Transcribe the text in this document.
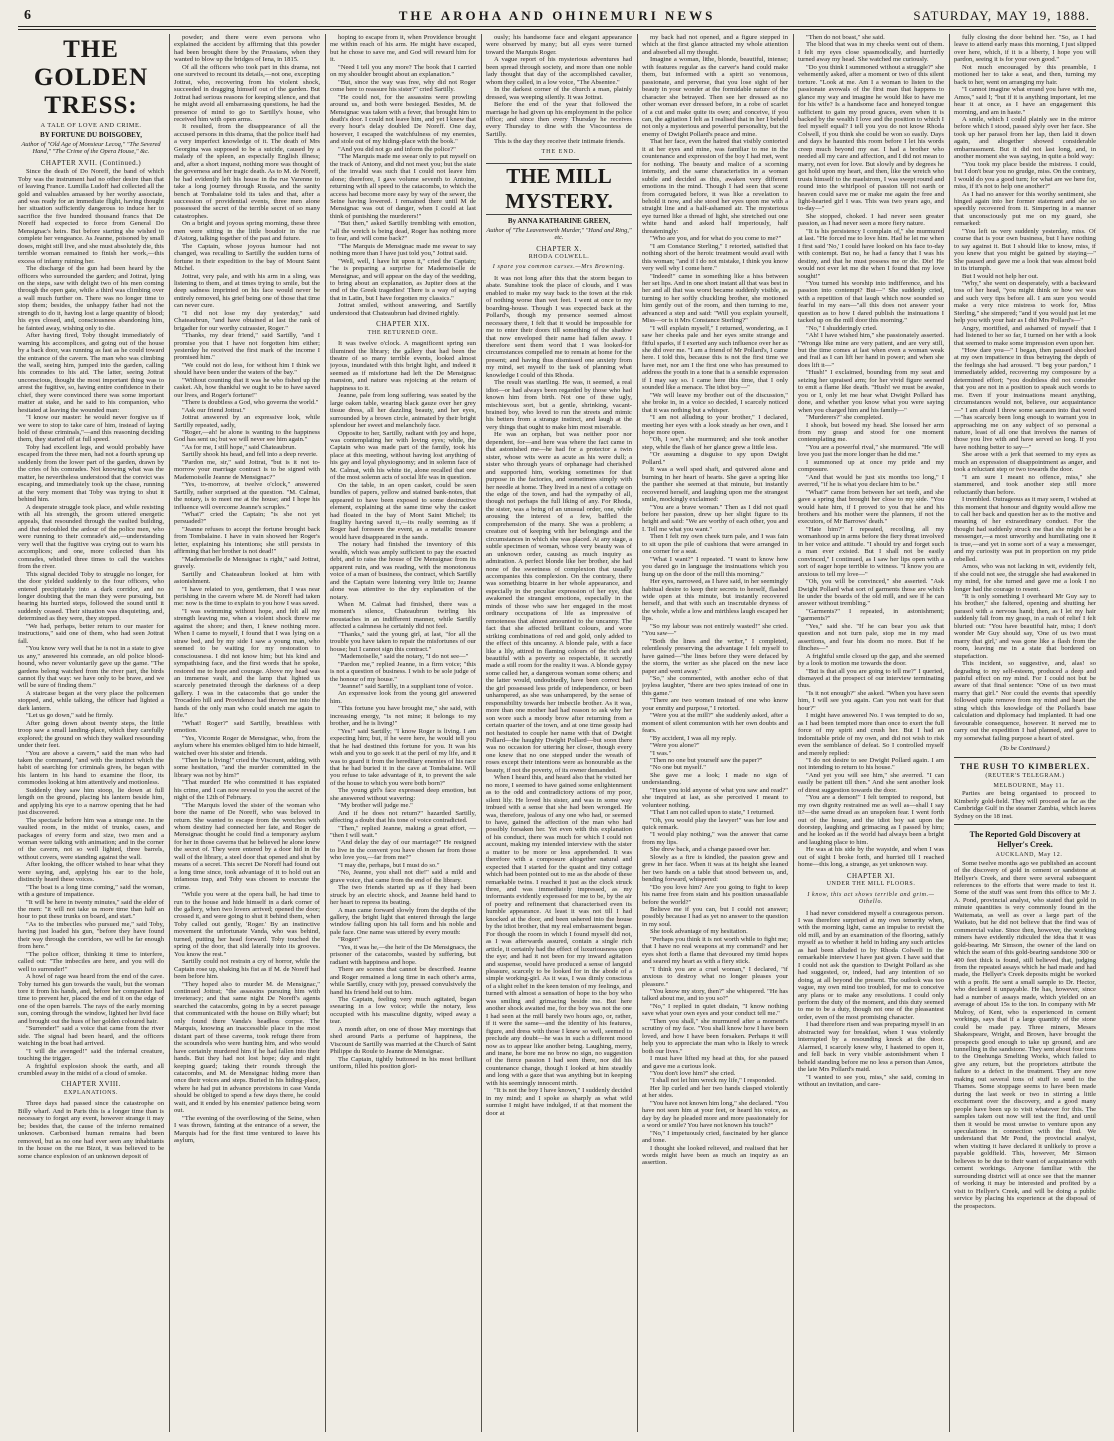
6	THE AROHA AND OHINEMURI NEWS	SATURDAY, MAY 19, 1888.
THE GOLDEN TRESS:
A TALE OF LOVE AND CRIME.
BY FORTUNE DU BOISGOBEY,
Author of "Old Age of Monsieur Lecoq," "The Severed Hand," "The Crime of the Opera House," &c.
CHAPTER XVII. (Continued.)

Since the death of Do Noreff, the band of which Toby was the instrument had no other desire than that of leaving France. Lumilla Ludoff had collected all the gold and valuables amassed by her worthy associate, and was ready for an immediate flight, having thought her situation sufficiently dangerous to induce her to sacrifice the five hundred thousand francs that De Noreff had expected to force from General Do Mensignac's heirs. But before starting she wished to complete her vengeance. As Jeanne, poisoned by small doses, might still live, and she must absolutely die, this terrible woman remained to finish her work,—this excess of infamy ruining her.

The discharge of the gun had been heard by the officers who surrounded the garden; and Jottrat, lying on the steps, saw with delight two of his men coming through the open gate, while a third was climbing over a wall much further on. There was no longer time to stop them; besides, the unhappy father had not the strength to do it, having lost a large quantity of blood; his eyes closed, and, consciousness abandoning him, he fainted away, wishing only to die.

After having fired, Toby thought immediately of warning his accomplices, and going out of the house by a back door, was running as fast as he could toward the entrance of the cavern. The man who was climbing the wall, seeing him, jumped into the garden, calling his comrades to his aid. The latter, seeing Jottrat unconscious, thought the most important thing was to arrest the fugitive, so, having entire confidence in their chief, they were convinced there was some important matter at stake, and he said to his companion, who hesitated at leaving the wounded man:

"I know our master: he would never forgive us if we were to stop to take care of him, instead of laying hold of these criminals,"—and this reasoning deciding them, they started off at full speed.

Toby had excellent legs, and would probably have escaped from the three men, had not a fourth sprung up suddenly from the lower part of the garden, drawn by the cries of his comrades. Not knowing what was the matter, he nevertheless understood that the convict was escaping, and immediately took up the chase, running at the very moment that Toby was trying to shut it behind him.

A desperate struggle took place, and while resisting with all his strength, the groom uttered energetic appeals, that resounded through the vaulted building, and that redoubled the ardour of the police men, who were running to their comrade's aid,—understanding very well that the fugitive was crying out to warn his accomplices; and one, more collected than his comrades, whistled three times to call the watches from the river.

This signal decided Toby to struggle no longer, for the door yielded suddenly to the four officers, who entered precipitately into a dark corridor, and no longer doubting that the man they were pursuing, but hearing his hurried steps, followed the sound until it suddenly ceased. Their situation was disquieting, and, determined as they were, they stopped.

"We had, perhaps, better return to our master for instructions," said one of them, who had seen Jottrat fall.

"You know very well that he is not in a state to give us any," answered his comrade, an old police blood-hound, who never voluntarily gave up the game. "The gardens belong watched from the river part, the birds cannot fly that way: we have only to be brave, and we will be sure of finding them."

A staircase began at the very place the policemen stopped, and, while talking, the officer had lighted a dark lantern.

"Let us go down," said he firmly.

After going down about twenty steps, the little troop saw a small landing-place, which they carefully explored; the ground on which they walked resounding under their feet.

"You are above a cavern," said the man who had taken the command, "and with the instinct which the habit of searching for criminals gives, he began with his lantern in his hand to examine the floor, its commodes looking at him attentively and motionless.

Suddenly they saw him stoop, lie down at full length on the ground, placing his lantern beside him, and applying his eye to a narrow opening that he had just discovered.

The spectacle before him was a strange one. In the vaulted room, in the midst of trunks, cases, and packages of every form and size, two men and a woman were talking with animation; and in the corner of the cavern, not so well lighted, three barrels, without covers, were standing against the wall.

After looking, the officer wished to hear what they were saying, and, applying his ear to the hole, distinctly heard these voices.

"The boat is a long time coming," said the woman, with a gesture of impatience.

"It will be here in twenty minutes," said the elder of the men: "it will not take us more time than half an hour to put these trunks on board, and start."

"As to the imbeciles who pursued me," said Toby, having just loaded his gun, "before they have found their way through the corridors, we will be far enough from here."

"The police officer, thinking it time to interfere, called out: "The imbeciles are here, and you will do well to surrender!"

A howl of rage was heard from the end of the cave. Toby turned his gun towards the vault, but the woman tore it from his hands, and, before her companion had time to prevent her, placed the end of it on the edge of one of the open barrels. The rays of the early morning sun, coming through the window, lighted her livid face and brought out the hues of her golden coloured hair.

"Surrender!" said a voice that came from the river side. The signal had been heard, and the officers watching in the boat had arrived.

"I will die avenged!" said the infernal creature, touching the trigger.

A frightful explosion shook the earth, and all crumbled away in the midst of a cloud of smoke.

CHAPTER XVIII.
EXPLANATIONS.

Three days had passed since the catastrophe on Billy wharf. And in Paris this is a longer time than is necessary to forget any event, however strange it may be; besides that, the cause of the inferno remained unknown. Carbonised human remains had been removed, but as no one had ever seen any inhabitants in the house on the rue Bizot, it was believed to be some chance explosion of an unknown deposit of

powder; and there were even persons who explained the accident by affirming that this powder had been brought there by the Prussians, when they wanted to blow up the bridges of Iena, in 1815.

Of all the officers who took part in this drama, not one survived to recount its details,—not one, excepting Jottrat, who, recovering from his violent shock, succeeded in dragging himself out of the garden. But Jottrat had serious reasons for keeping silence, and that he might avoid all embarrassing questions, he had the presence of mind to go to Sartilly's house, who received him with open arms.

It resulted, from the disappearance of all the accused persons in this drama, that the police itself had a very imperfect knowledge of it. The death of Mrs Georgina was supposed to be a suicide, caused by a malady of the spleen, an especially English illness; and, after a short inquest, nothing more was thought of the governess and her tragic death. As to M. de Noreff, he had evidently left his house in the rue Varenne to take a long journey through Russia, and the sanity bench at Tombalaine told its tales and that, after a succession of providential events, three men alone possessed the secret of the terrible secret of so many catastrophes.

On a bright and joyous spring morning, these three men were sitting in the little boudoir in the rue d'Astorg, talking together of the past and future.

The Captain, whose joyous humour had not changed, was recalling to Sartilly the sudden turns of fortune in their expedition to the bay of Mount Saint Michel.

Jottrat, very pale, and with his arm in a sling, was listening to them, and at times trying to smile, but the deep sadness imprinted on his face would never be entirely removed, his grief being one of those that time can never cure.

"I did not lose my day yesterday," said Chateaubrun, "and have obtained at last the rank of brigadier for our worthy cuirassier, Roger."

"Thanks, my dear friend," said Sartilly, "and I promise you that I have not forgotten him either; yesterday he received the first mark of the income I promised him."

"We could not do less, for without him I think we should have been under the waters of the bay."

"Without counting that it was he who fished up the casket. Ah, how thankful we ought to be to have saved our lives, and Roger's fortune!"

"There is doubtless a God, who governs the world."

"Ask our friend Jottrat."

Jottrat answered by an expressive look, while Sartilly repeated, sadly,

"Roger,—ah! he alone is wanting to the happiness God has sent us; but we will never see him again."

"As for me, I still hope," said Chateaubrun.

Sartilly shook his head, and fell into a deep reverie.

"Pardon me, sir," said Jottrat, "but is it not to-morrow your marriage contract is to be signed with Mademoiselle Jeanne de Mensignac?"

"Yes, to-morrow, at twelve o'clock," answered Sartilly, rather surprised at the question. "M. Calmat, the notary, is to meet me at the house; and I hope his influence will overcome Jeanne's scruples."

"What?" cried the Captain; "is she not yet persuaded?"

"Jeanne refuses to accept the fortune brought back from Tombalaine. I have in vain showed her Roger's letter, explaining his intentions; she still persists in affirming that her brother is not dead!"

"Mademoiselle de Mensignac is right," said Jottrat, gravely.

Sartilly and Chateaubrun looked at him with astonishment.

"I have related to you, gentlemen, that I was near perishing in the cavern where M. de Noreff had taken me: now is the time to explain to you how I was saved.

"I was swimming without hope, and felt all my strength leaving me, when a violent shock threw me against the shore; and then, I knew nothing more. When I came to myself, I found that I was lying on a straw bed, and by my side I saw a young man, who seemed to be waiting for my restoration to consciousness. I did not know him; but his kind and sympathising face, and the first words that he spoke, restored me to hope and courage. Above my head was an immense vault, and the lamp that lighted us scarcely penetrated through the darkness of a deep gallery. I was in the catacombs that go under the Trocadéro hill and Providence had thrown me into the hands of the only man who could snatch me again to life."

"What! Roger?" said Sartilly, breathless with emotion.

"Yes, Vicomte Roger de Mensignac, who, from the asylum where his enemies obliged him to hide himself, watched over his sister and friends.

"Then he is living!" cried the Viscount, adding, with some hesitation, "and the murder committed in the library was not by him?"

"That murder! He who committed it has expiated his crime, and I can now reveal to you the secret of the night of the 12th of February.

"The Marquis loved the sister of the woman who bore the name of De Noreff, who was beloved in return. She wanted to escape from the wretches with whom destiny had connected her fate, and Roger de Mensignac thought he could find a temporary asylum for her in those caverns that he believed he alone knew the secret of. They were entered by a door hid in the wall of the library, a steel door that opened and shut by means of a secret. This secret De Noreff had found out a long time since, took advantage of it to hold out an infamous trap, and Toby was chosen to execute the crime.

"While you were at the opera ball, he had time to run to the house and hide himself in a dark corner of the gallery, when two lovers arrived; opened the door; crossed it, and were going to shut it behind them, when Toby called out gently, 'Roger.' By an instinctive movement the unfortunate Vanda, who was behind, turned, putting her head forward. Toby touched the spring of the door, that slid laterally into its grooves. You know the rest."

Sartilly could not restrain a cry of horror, while the Captain rose up, shaking his fist as if M. de Noreff had been before him.

"They hoped also to murder M. de Mensignac," continued Jottrat; "the assassins pursuing him with inveteracy; and that same night De Noreff's agents searched the catacombs, going in by a secret passage that communicated with the house on Billy wharf; but only found there Vanda's headless corpse. The Marquis, knowing an inaccessible place in the most distant part of these caverns, took refuge there from the scoundrels who were hunting him, and who would have certainly murdered him if he had fallen into their hands. But they had not lost hope; day and night keeping guard; taking their rounds through the catacombs, and M. de Mensignac hiding more than once their voices and steps. Buried in his hiding-place, where he had put in advance provisions in case Vanda should be obliged to spend a few days there, he could wait, and it ended by his enemies' patience being worn out.

"The evening of the overflowing of the Seine, when I was thrown, fainting at the entrance of a sewer, the Marquis had for the first time ventured to leave his asylum,

hoping to escape from it, when Providence brought me within reach of his arm. He might have escaped, but he chose to save me, and God will reward him for it.

"Need I tell you any more? The book that I carried on my shoulder brought about an explanation."

"But, since the way was free, why did not Roger come here to reassure his sister?" cried Sartilly.

"He could not, for the assassins were prowling around us, and both were besieged. Besides, M. de Mensignac was taken with a fever, that brought him to death's door. I could not leave him, and yet I knew that every hour's delay doubled De Noreff. One day, however, I escaped the watchfulness of my enemies, and stole out of my hiding-place with the book."

"And you did not go and inform the police?"

"The Marquis made me swear only to put myself on the track of Antony, and did not meet you; but the state of the invalid was such that I could not leave him alone; therefore, I gave volume seventh to Antoine, returning with all speed to the catacombs, to which the access had become more easy by way of the sewer, the Seine having lowered. I remained there until M de Mensignac was out of danger, when I could at last think of punishing the murderers!"

"But then," asked Sartilly trembling with emotion, "all the wretch is being dead, Roger has nothing more to fear, and will come back?"

"The Marquis de Mensignac made me swear to say nothing more than I have just told you," Jottrat said.

"Well, well, I have hit upon it," cried the Captain; "he is preparing a surprise for Mademoiselle de Mensignac, and will appear on the day of the wedding, to bring about an explanation, as Jupiter does at the end of the Greek tragedies! There is a way of saying that in Latin, but I have forgotten my classics."

Jottrat smiled, without answering, and Sartilly understood that Chateaubrun had divined rightly.

CHAPTER XIX.
THE RETURNED ONE.

It was twelve o'clock. A magnificent spring sun illumined the library; the gallery that had been the theatre of so many terrible events, looked almost joyous, inundated with this bright light, and indeed it seemed as if misfortune had left the De Mensignac mansion, and nature was rejoicing at the return of happiness to it.

Jeanne, pale from long suffering, was seated by the large oaken table, wearing black gauze over her grey tissue dress, all her dazzling beauty, and her eyes, surrounded by a brown circle, animated by their bright splendour her sweet and melancholy face.

Opposite to her, Sartilly, radiant with joy and hope, was contemplating her with loving eyes; while, the Captain who was made part of the family, took his place at this meeting, without having lost anything of his gay and loyal physiognomy; and in solemn face of M. Calmat, with his white tie, alone recalled that one of the most solemn acts of social life was in question.

On the table, in an open casket, could be seen bundles of papers, yellow and stained bank-notes, that appeared to have been exposed to some destructive element, explaining at the same time why the casket had floated in the bay of Mont Saint Michel; its fragility having saved it,—its really seeming as if Roger had foreseen the event, as a metallic treasure would have disappeared in the sands.

The notary had finished the inventory of this wealth, which was amply sufficient to pay the exacted debt, and to raise the house of De Mensignac from its apparent ruin, and was reading, with the monotonous voice of a man of business, the contract, which Sartilly and the Captain were listening very little to; Jeanne alone was attentive to the dry explanation of the notary.

When M. Calmat had finished, there was a moment's silence, Chateaubrun twirling his moustaches in an indifferent manner, while Sartilly affected a calmness he certainly did not feel.

"Thanks," said the young girl, at last, "for all the trouble you have taken to repair the misfortunes of our house; but I cannot sign this contract."

"Mademoiselle," said the notary, "I do not see—"

"Pardon me," replied Jeanne, in a firm voice; "this is not a question of business. I wish to be sole judge of the honour of my house."

"Jeanne!" said Sartilly, in a suppliant tone of voice.

An expressive look from the young girl answered him.

"This fortune you have brought me," she said, with increasing energy, "is not mine; it belongs to my brother, and he is living!"

"Yes!" said Sartilly; "I know Roger is living. I am expecting him; but, if he were here, he would tell you that he had destined this fortune for you. It was his wish and you to go seek it at the peril of my life, and it was to guard it from the hereditary enemies of his race that he had buried it in the cave at Tombalaine. Will you refuse to take advantage of it, to prevent the sale of the house to which you were both born?"

The young girl's face expressed deep emotion, but she answered without wavering:

"My brother will judge me."

And if he does not return?" hazarded Sartilly, affecting a doubt that his tone of voice contradicted.

"Then," replied Jeanne, making a great effort, — "then I will wait."

"And delay the day of our marriage?" He resigned to live in the convent you have chosen far from those who love you,—far from me?"

"I may die, perhaps, but I must do so."

"No, Jeanne, you shall not die!" said a mild and grave voice, that came from the end of the library.

The two friends started up as if they had been struck by an electric shock, and Jeanne held hand to her heart to repress its beating.

A man came forward slowly from the depths of the gallery, the bright light that entered through the large window falling upon his tall form and his noble and pale face. One name was uttered by every mouth:

"Roger!"

"Yes, it was he,—the heir of the De Mensignacs, the prisoner of the catacombs, wasted by suffering, but radiant with happiness and hope.

There are scenes that cannot be described. Jeanne and Roger remained a long time in each other's arms, while Sartilly, crazy with joy, pressed convulsively the hand his friend held out to him.

The Captain, feeling very much agitated, began swearing in a low voice; while the notary, less occupied with his masculine dignity, wiped away a tear.

A month after, on one of those May mornings that shed around Paris a perfume of happiness, the Viscount de Sartilly was married at the Church of Saint Philippe du Roule to Jeanne de Mensignac.

The Captain, tightly buttoned in his most brilliant uniform, filled his position glori-

ously; his handsome face and elegant appearance were observed by many; but all eyes were turned toward the Marquis Roger.

A vague report of his mysterious adventures had been spread through society, and more than one noble lady thought that day of the accomplished cavalier, whom they called, in a low voice, "The Absentee."

In the darkest corner of the church a man, plainly dressed, was weeping silently. It was Jottrat.

Before the end of the year that followed the marriage he had given up his employment in the police office; and since then every Thursday he receives every Thursday to dine with the Viscountess de Sartilly.

This is the day they receive their intimate friends.

THE END.
THE MILL MYSTERY.
By ANNA KATHARINE GREEN,
Author of "The Leavenworth Murder," "Hand and Ring," etc.
CHAPTER X.
RHODA COLWELL.
I spare you common curses.—Mrs Browning.

It was not long after this that the storm began to abate. Sunshine took the place of clouds, and I was enabled to make my way back to the town at the risk of nothing worse than wet feet. I went at once to my boarding-house. Though I was expected back at the Pollard's, though my presence seemed almost necessary there, I felt that it would be impossible for me to enter their doors till something of the shadow that now enveloped their name had fallen away. I therefore sent them word that I was looked-for circumstances compelled me to remain at home for the present; and having thus dismissed one anxiety from my mind, set myself to the task of planning what knowledge I could of this Rhoda.

The result was startling. He was, it seemed, a real idiot—or had always been regarded by those who had known him from birth. Not one of these ugly, mischievous sort, but a gentle, shrinking, vacant-brained boy, who loved to run the streets and mimic his betters from a strange instinct, and laugh at the very things that ought to make him most miserable.

He was an orphan, but was neither poor nor dependent, for—and here was where the fact came in that astonished me—he had for a protector a twin sister, whose wits were as acute as his were dull; a sister who through years of orphanage had cherished and supported him, working sometimes for that purpose in the factories, and sometimes simply with her needle at home. They lived in a nest of a cottage on the edge of the town, and had the sympathy of all, though not perhaps the full liking of any. For Rhoda, the sister, was a being of an unusual order, one, while arousing the interest of a few, baffled the comprehension of the many. She was a problem; a creature out of keeping with her belongings and the circumstances in which she was placed. At any stage, a subtle specimen of woman, whose very beauty was of an unknown order, causing as much inquiry as admiration. A perfect blonde like her brother, she had none of the sweetness of complexion that usually accompanies this complexion. On the contrary, there was something bizarre in her whole appearance, and especially in the peculiar expression of her eye, that awakened the strangest emotions, especially in the minds of those who saw her engaged in the most ordinary occupations of life as impressive of remoteness that almost amounted to the uncanny. The fact that she affected brilliant colours, and wore striking combinations of red and gold, only added to the effect of this uncanny. A blonde pale, with a face like a lily, attired in flaming colours of the rich and beautiful with a poverty so respectable, it secretly made a still room for the reality it was. A blonde gypsy some called her, a dangerous woman some others; and the latter would, undoubtedly, have been correct had the girl possessed less pride of independence, or been unhampered, as she was unhampered, by the sense of responsibility towards her imbecile brother. As it was, more than one mother had had reason to ask why her son wore such a moody brow after returning from a certain quarter of the town, and at one time gossip had not hesitated to couple her name with that of Dwight Pollard—the haughty Dwight Pollard—but soon there was no occasion for uttering her closer, though every one knew that no one stepped under the wreath of roses except their intentions were as honourable as the beauty, if not the poverty, of its owner demanded.

When I heard this, and heard also that he visited her no more, I seemed to have gained some enlightenment as to the odd and contradictory actions of my poor, silent lily. He loved his sister, and was in some way imbued with a sense that she had been wronged. He was, therefore, jealous of any one who had, or seemed to have, gained the affection of the man who had possibly forsaken her. Yet even with this explanation of his conduct, there was much for which I could not account, making my intended interview with the sister a matter to be more or less apprehended. It was therefore with a composure altogether natural and expected that I started for the quaint and tiny cottage which had been pointed out to me as the abode of these remarkable twins. I reached it just as the clock struck three, and was immediately impressed, as my informants evidently expressed for me to be, by the air of poetry and refinement that characterised even its humble appearance. At least it was not till I had knocked at the door, and been ushered into the house by the idiot brother, that my real embarrassment began. For though the room in which I found myself did not, as I was afterwards assured, contain a single rich article, it certainly had the effect of luxuriousness upon the eye; and had it not been for my inward agitation and suspense, would have produced a sense of languid pleasure, scarcely to be looked for in the abode of a simple working-girl. As it was, I was dimly conscious of a slight relief in the keen tension of my feelings, and turned with almost a sensation of hope to the boy who was smiling and grimacing beside me. But here another shock awaited me, for the boy was not the one I had seen at the mill barely two hours ago, or, rather, if it were the same—and the identity of his features, figure, and dress with those I knew so well, seemed to preclude any doubt—he was in such a different mood now as to appear like another being. Laughing, merry, and inane, he bore me no brow no sign, no suggestion of the fierce passion I had seen there, nor did his countenance change, though I looked at him steadily and long with a gaze that was anything but in keeping with his seemingly innocent mirth.

"It is not the boy I have known," I suddenly decided in my mind; and I spoke as sharply as what wild surmise I might have indulged, if at that moment the door at

my back had not opened, and a figure stepped in which at the first glance attracted my whole attention and absorbed all my thought.

Imagine a woman, lithe, blonde, beautiful, intense; with features regular as the carver's hand could make them, but informed with a spirit so venomous, passionate, and perverse, that you lose sight of her beauty in your wonder at the formidable nature of the character she betrayed. Then see her dressed as no other woman ever dressed before, in a robe of scarlet of a cut and make quite its own; and conceive, if you can, the agitation I felt as I realised that in her I beheld not only a mysterious and powerful personality, but the enemy of Dwight Pollard's peace and mine.

That her face, even the hatred that visibly contorted it at her eyes and mine, was familiar to me in the countenance and expression of the boy I had met, went for nothing. The beauty and malice of a scorning intensity, and the same characteristics in a woman subtle and decided as this, awaken very different emotions in the mind. Though I had seen that scene from corrugated before, it was like a revelation to behold it now, and she stood her eyes upon me with a straight line and a half-ashamed air. The mysterious eye turned like a thread of light, she stretched out one white hand and asked half imperiously, half threateningly:

"Who are you, and for what do you come to me?"

"I am Constance Sterling," I retorted, satisfied that nothing short of the heroic treatment would avail with this woman; "and if I do not mistake, I think you know very well why I come here."

"Indeed!" came in something like a hiss between her set lips. And in one short instant all that was best in her and all that was worst became suddenly visible, as turning to her softly chuckling brother, she motioned him gently out of the room, and then turning to me, advanced a step and said: "Will you explain yourself, Miss—or is it Mrs Constance Sterling?"

"I will explain myself," I returned, wondering, as I saw her cheeks pale and her eyes smite strange and fitful sparks, if I exerted any such influence over her as she did over me. "I am a friend of Mr Pollard's, I came here. I told this, because this is not the first time we have met, nor am I the first one who has presumed to address the youth in a tone that is a sensible expression if I may say so. I came here this time, that I only sounded like a menace. The idiot boy—"

"We will leave my brother out of the discussion," she broke in, in a voice so decided, I scarcely noticed that it was nothing but a whisper.

"I am not alluding to your brother," I declared, meeting her eyes with a look steady as her own, and I hope more open.

"Oh, I see," she murmured; and she took another step, while the flash of her glance grew a little less.

"Or assuming a disguise to spy upon Dwight Pollard."

It was a well sped shaft, and quivered alone and burning in her heart of hearts. She gave a spring like the panther she seemed at that minute, but instantly recovered herself, and laughing upon me the strangest smile, mockingly exclaimed:

"You are a brave woman." Then as I did not quail before her passion, drew up her slight figure to its height and said: "We are worthy of each other, you and I. Tell me what you want."

Then I felt my own cheek turn pale, and I was fain to sit upon the pile of cushions that were arranged in one corner for a seat.

"What I want?" I repeated. "I want to know how you dared go in language the insinuations which you hung up on the door of the mill this morning."

Her eyes, narrowed, as I have said, in her seemingly habitual desire to keep their secrets to herself, flashed wide open at this minute, but instantly recovered herself, and that with such an inscrutable dryness of the whole, while a low and mirthless laugh escaped her lips.

"So my labour was not entirely wasted!" she cried. "You saw—"

"Both the lines and the writer," I completed, relentlessly preserving the advantage I felt myself to have gained—"the lines before they were defaced by the storm, the writer as she placed on the new lace paper and went away."

"So," she commented, with another echo of that joyless laughter, "there are two spies instead of one in this game."

"There are two women instead of one who know your enmity and purpose," I retorted.

"Were you at the mill?" she suddenly asked, after a moment of silent communion with her own doubts and fears.

"By accident, I was all my reply.

"Were you alone?"

"I was."

"Then no one but yourself saw the paper?"

"No one but myself."

She gave me a look; I made no sign of understanding.

"Have you told anyone of what you saw and read?" she inquired at last, as she perceived I meant to volunteer nothing.

"That I am not called upon to state," I returned.

"Oh, you would play the lawyer!" was her low and quick remark.

"I would play nothing," was the answer that came from my lips.

She drew back, and a change passed over her.

Slowly as a fire is kindled, the passion grew and grew in her face. When it was at its height she leaned her two hands on a table that stood between us, and, bending forward, whispered:

"Do you love him? Are you going to fight to keep his name free from stain and his position unassailable before the world?"

Believe me if you can, but I could not answer; possibly because I had as yet no answer to the question in my soul.

She took advantage of my hesitation.

"Perhaps you think it is not worth while to fight me; that I have no real weapons at my command? and her eyes shot forth a flame that devoured my timid hopes and seared my heart as with a fiery stick.

"I think you are a cruel woman," I declared, "if anxious to destroy what no longer pleases your pleasure."

"You know my story, then?" she whispered. "He has talked about me, and to you so?"

"No," I replied in quiet disdain, "I know nothing save what your own eyes and your conduct tell me."

"Then you shall," she murmured after a moment's scrutiny of my face. "You shall know how I have been loved, and how I have been forsaken. Perhaps it will help you to appreciate the man who is likely to wreck both our lives."

I must have lifted my head at this, for she paused and gave me a curious look.

"You don't love him?" she cried.

"I shall not let him wreck my life," I responded.

Her lip curled and her two hands clasped violently at her sides.

"You have not known him long," she declared. "You have not seen him at your feet, or heard his voice, as day by day he pleaded more and more passionately for a word or smile? You have not known his touch?"

"No," I impetuously cried, fascinated by her glance and tone.

I thought she looked relieved, and realised that her words might have been as much an inquiry as an assertion.

"Then do not boast," she said.

The blood that was in my cheeks went out of them. I felt my eyes close spasmodically, and hurriedly turned away my head. She watched me curiously.

"Do you think I summoned without a struggle?" she vehemently asked, after a moment or two of this silent torture. "Look at me. Am I a woman to listen to the passionate avowals of the first man that happens to glance my way and imagine he would like to have me for his wife? Is a handsome face and honeyed tongue sufficient to gain my proud graces, even when it is backed by the wealth I love and the position to which I feel myself equal? I tell you you do not know Rhoda Colwell, if you think she could be won so easily. Days and days he haunted this room before I let his words creep much beyond my ear. I had a brother who needed all my care and affection, and I did not mean to marry, not even for love. But slowly and by degrees he got hold upon my heart, and then, like the wretch who trusts himself to the maelstrom, I was swept round and round into the whirlpool of passion till not earth or heaven could save me or make me again the free and light-hearted girl I was. This was two years ago, and to-day—"

She stopped, choked. I had never seen greater passion, as I had never seen a more fiery nature.

"It is his persistency I complain of," she murmured at last. "He forced me to love him. Had he let me when I first said 'No,' I could have looked on his face to-day with contempt. But no, he had a fancy that I was his destiny, and that he must possess me or die. Die! He would not ever let me die when I found that my love sought!"

"You turned his worship into indifference, and his passion into contempt? But—" She suddenly cried, with a repetition of that laugh which now sounded so fearful in my ears—"all this does not answer your question as to how I dared publish the insinuations I tacked up on the mill door this morning."

"No," I shudderingly cried.

"Ah! I have wished him," she passionately asserted. "Wrongs like mine are very patient, and are very still, but the time comes at last when even a woman weak and frail as I can lift her hand in power; and when she does lift it—"

"Hush!" I exclaimed, bounding from my seat and seizing her upraised arm; for her vivid figure seemed to emit a flame like death. "Hush! we must be awake, you or I, only let me hear what Dwight Pollard has done, and whether you know what you were saying when you charged him and his family—"

"Murderers?" she completed.

I shook, but bowed my head. She loosed her arm from my grasp and stood for one moment contemplating me.

"You are a powerful rival," she murmured. "He will love you just the more longer than he did me."

I summoned up at once my pride and my composure.

"And that would be just six months too long," I averred, "if he is what you declare him to be."

"What?" came from between her set teeth, and she gave a spring that brought her close to my side. "You would hate him, if I proved to you that he and his brothers and his mother were the planners, if not the executors, of Mr Barrows' death."

"Hate him?" I repeated, recoiling, all my womanhood up in arms before the fiery threat involved in her voice and attitude. "I should try and forget such a man ever existed. But I shall not be easily convinced," I continued, as I saw her lips open with a sort of eager hope terrible to witness. "I know you are anxious to tell my love—"

"Oh, you will be convinced," she asserted. "Ask Dwight Pollard what sort of garments those are which lie under the boards of the old mill, and see if he can answer without trembling."

"Garments?" I repeated, in astonishment; "garments?"

"Yes," said she. "If he can bear you ask that question and not turn pale, stop me in my mad assertions, and fear his doom no more. But if he flinches—"

A frightful smile closed up the gap, and she seemed by a look to motion me towards the door.

"But is that all you are going to tell me?" I queried, dismayed at the prospect of our interview terminating thus.

"Is it not enough?" she asked. "When you have seen him, I will see you again. Can you not wait for that hour?"

I might have answered No. I was tempted to do so, as I had been tempted more than once to exert the full force of my spirit and crush her. But I had an indomitable pride of my own, and did not wish to risk even the semblance of defeat. So I controlled myself and merely replied:

"I do not desire to see Dwight Pollard again. I am not intending to return to his house."

"And yet you will see him," she averred. "I can easily be patient till then." And she sent another look of direst suggestion towards the door.

"You are a demon!" I felt tempted to respond, but my own dignity restrained me as well as—shall I say it?—the same dread as an unspoken fear. I went forth out of the house, and the idiot boy sat upon the doorstep, laughing and grimacing as I passed by him; and he looked as if the world had always been a bright and laughing place to him.

He was at his side by the wayside, and when I was out of sight I broke forth, and hurried till I reached home—this long, a strange, as yet unknown way.

CHAPTER XI.
UNDER THE MILL FLOORS.
I know, this act shows terrible and grim.—Othello.

I had never considered myself a courageous person. I was therefore surprised at my own temerity when, with the morning light, came an impulse to revisit the old mill, and by an examination of the flooring, satisfy myself as to whether it held in hiding any such articles as had been alluded to by Rhoda Colwell in the remarkable interview I have just given. I have said that I could not ask the question to Dwight Pollard as she had suggested, or, indeed, had any intention of so doing, at all beyond the present. The outlook was too vague, my own mind too troubled, for me to conceive any plans or to make any resolutions. I could only perform the duty of the moment, and this duty seemed to me to be a duty, though not one of the pleasantest order, even of the most promising character.

I had therefore risen and was preparing myself in an abstracted way for breakfast, when I was violently interrupted by a resounding knock at the door. Alarmed, I scarcely knew why, I hastened to open it, and fell back in very visible astonishment when I beheld standing before me no less a person than Amos, the late Mrs Pollard's maid.

"I wanted to see you, miss," she said, coming in without an invitation, and care-

fully closing the door behind her. "So, as I had leave to attend early mass this morning, I just slipped over here, which, if it is a liberty, I hope you will pardon, seeing it is for your own good."

Not much encouraged by this preamble, I motioned her to take a seat, and then, turning my back to her, went on arranging my hair.

"I cannot imagine what errand you have with me, Amos," said I; "but if it is anything important, let me hear it at once, as I have an engagement this morning, and am in haste."

A smile, which I could plainly see in the mirror before which I stood, passed slyly over her face. She took up her parasol from her lap, then laid it down again, and altogether showed considerable embarrassment. But it did not last long, and, in another moment she was saying, in quite a bold way:

"You took my place beside the mistress. I could, but I don't bear you no grudge, miss. On the contrary, I would do you a good turn; for what are we here for, miss, if it's not to help one another?"

As I had no answer for this worthy sentiment, she hinged again into her former statement and she so speedily recovered from it. Simpering in a manner that unconsciously put me on my guard, she remarked:

"You left us very suddenly yesterday, miss. Of course that is your own business, but I have nothing to say against it. But I should like to know, miss, if you knew that you might be gained by staying—" She paused and gave me a look that was almost bold in its triumph.

But I would not help her out.

"Why," she went on desperately, with a backward toss of her head, "you might think or how we was and such very tips before all. I am sure you would make a very nice mistress to work for, Miss Sterling," she simpered; "and if you would just let me help you with your hair as I did Mrs Pollard's—"

Angry, mortified, and ashamed of myself that I had listened to her so far, I turned on her with a look that seemed to make some impression even upon her.

"How dare you—" I began, then paused shocked at my own impatience in thus betraying the depth of the feelings she had aroused. "I beg your pardon," I immediately added, recovering my composure by a determined effort; "you doubtless did not consider that you are not in a position to speak such words to me. Even if your insinuations meant anything, circumstances would not, believe, our acquaintance—" I am afraid I threw some sarcasm into that word—"has scarcely been long enough to warrant you in approaching me on any subject of so personal a nature, least of all one that involves the names of those you live with and have served so long. If you have nothing better to say—"

She arose with a jerk that seemed to my eyes as much an expression of disappointment as anger, and took a reluctant step or two towards the door.

"I am sure I meant no offence, miss," she stammered, and took another step still more reluctantly than before.

I trembled. Outrageous as it may seem, I wished at this moment that honour and dignity would allow me to call her back and question her as to the motive and meaning of her extraordinary conduct. For the thought had suddenly struck me that she might be a messenger,—a most unworthy and humiliating one it is true,—and yet in some sort of a way a messenger, and my curiosity was put in proportion on my pride rebelled.

Amos, who was not lacking in wit, evidently felt, if she could not see, the struggle she had awakened in my mind, for she turned and gave me a look I no longer had the courage to resent.

"It is only something I overheard Mr Guy say to his brother," she faltered, opening and shutting her parasol with a nervous hand; then, as I let my hair suddenly fall from my grasp, in a rush of relief I felt blurted out: "You have beautiful hair, miss; I don't wonder Mr Guy should say, 'One of us two must marry that girl,' and was gone like a flash from the room, leaving me in a state that bordered on stupefaction.

This incident, so suggestive, and, alas! so degrading to my self-esteem, produced a deep and painful effect on my mind. For I could not but be aware of that final sentence: "One of us two must marry that girl." Nor could the events that speedily followed quite remove from my mind and heart the sting which this knowledge of the Pollard's base calculation and diplomacy had implanted. It had one favourable consequence, however. It nerved me to carry out the expedition I had planned, and gave to my somewhat failing purpose a heart of steel.

(To be Continued.)
THE RUSH TO KIMBERLEX.
(REUTER'S TELEGRAM.)

MELBOURNE, May 11.

Parties are being organised to proceed to Kimberly gold-field. They will proceed as far as the Cambridge Gulf in the steamer Zambia, which leaves Sydney on the 18 inst.

The Reported Gold Discovery at Hellyer's Creek.

AUCKLAND, May 12.

Some twelve months ago we published an account of the discovery of gold in cement or sandstone at Hellyer's Creek, and there were several subsequent references to the efforts that were made to test it. Some of the stuff was sent from this office to Mr J. A. Pond, provincial analyst, who stated that gold in minute quantities is very commonly found in the Waitemata, as well as over a large part of the Waikato, but he did not believe that the find was of commercial value. Since then, however, the working miners have evidently ridiculed the idea that it was gold-bearing. Mr Simson, the owner of the land on which the seam of this gold-bearing sandstone 300 or 400 feet thick is found, still believed that, judging from the repeated assays which he had made and had made, the Hellyer's Creek deposits might be worked with a profit. He sent a small sample to Dr. Hector, who declared it unpayable. He has, however, since had a number of assays made, which yielded on an average of about 15s to the ton. In company with Mr Mulroy, of Kent, who is experienced in cement workings, says that if a large quantity of the stone could be made pay. Three miners, Messrs Shakespeare, Wright, and Brown, have brought the prospects good enough to take up ground, and are tunnelling in the sandstone. They sent about four tons to the Onehunga Smelting Works, which failed to give any return, but the proprietors attribute the failure to a defect in the treatment. They are now making out several tons of stuff to send to the Thames. Some stoppage seems to have been made during the last week or two in stirring a little excitement over the discovery, and a good many people have been up to visit whatever for this. The samples taken out now will test the find, and until then it would be most unwise to venture upon any speculations in connection with the find. We understand that Mr Pond, the provincial analyst, when visiting it have declared it unlikely to prove a payable goldfield. This, however, Mr Simson believes to be due to their want of acquaintance with cement workings. Anyone familiar with the surrounding district will at once see that the manner of working it may be interested and profited by a visit to Hellyer's Creek, and will be doing a public service by placing his experience at the disposal of the prospectors.
